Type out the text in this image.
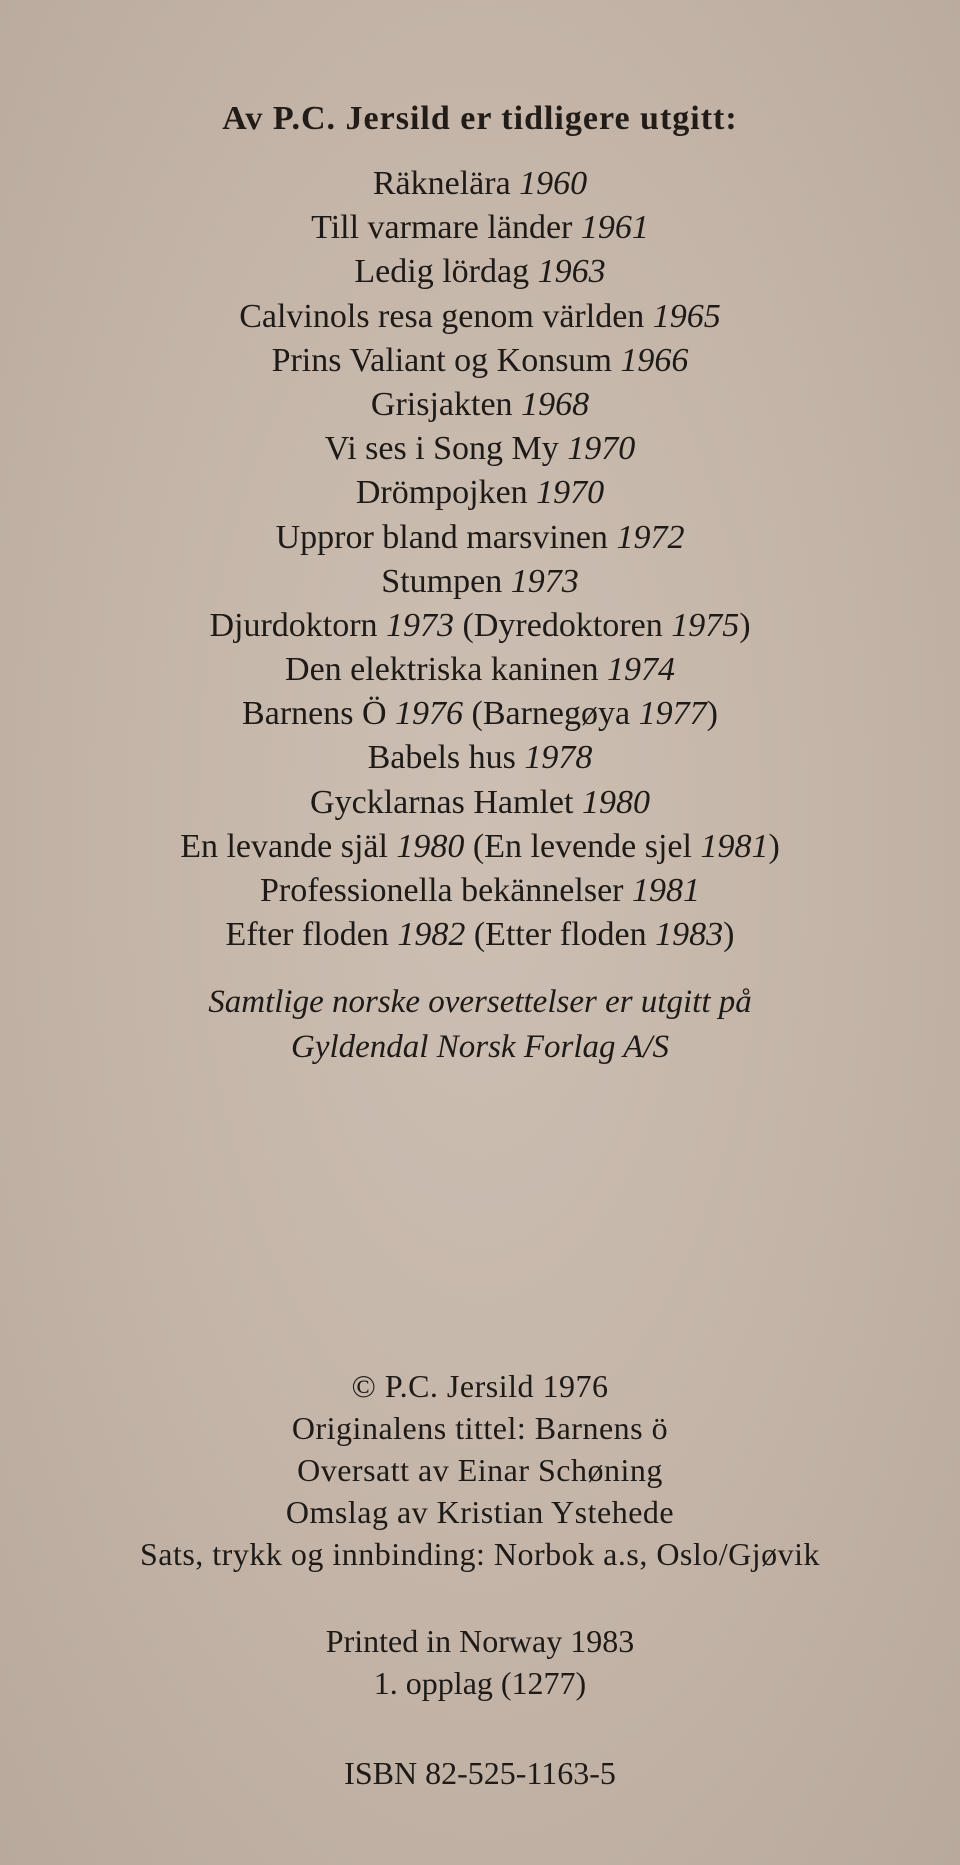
Av P.C. Jersild er tidligere utgitt:
Räknelära 1960
Till varmare länder 1961
Ledig lördag 1963
Calvinols resa genom världen 1965
Prins Valiant og Konsum 1966
Grisjakten 1968
Vi ses i Song My 1970
Drömpojken 1970
Uppror bland marsvinen 1972
Stumpen 1973
Djurdoktorn 1973 (Dyredoktoren 1975)
Den elektriska kaninen 1974
Barnens Ö 1976 (Barnegøya 1977)
Babels hus 1978
Gycklarnas Hamlet 1980
En levande själ 1980 (En levende sjel 1981)
Professionella bekännelser 1981
Efter floden 1982 (Etter floden 1983)
Samtlige norske oversettelser er utgitt på
Gyldendal Norsk Forlag A/S
© P.C. Jersild 1976
Originalens tittel: Barnens ö
Oversatt av Einar Schøning
Omslag av Kristian Ystehede
Sats, trykk og innbinding: Norbok a.s, Oslo/Gjøvik
Printed in Norway 1983
1. opplag (1277)
ISBN 82-525-1163-5
